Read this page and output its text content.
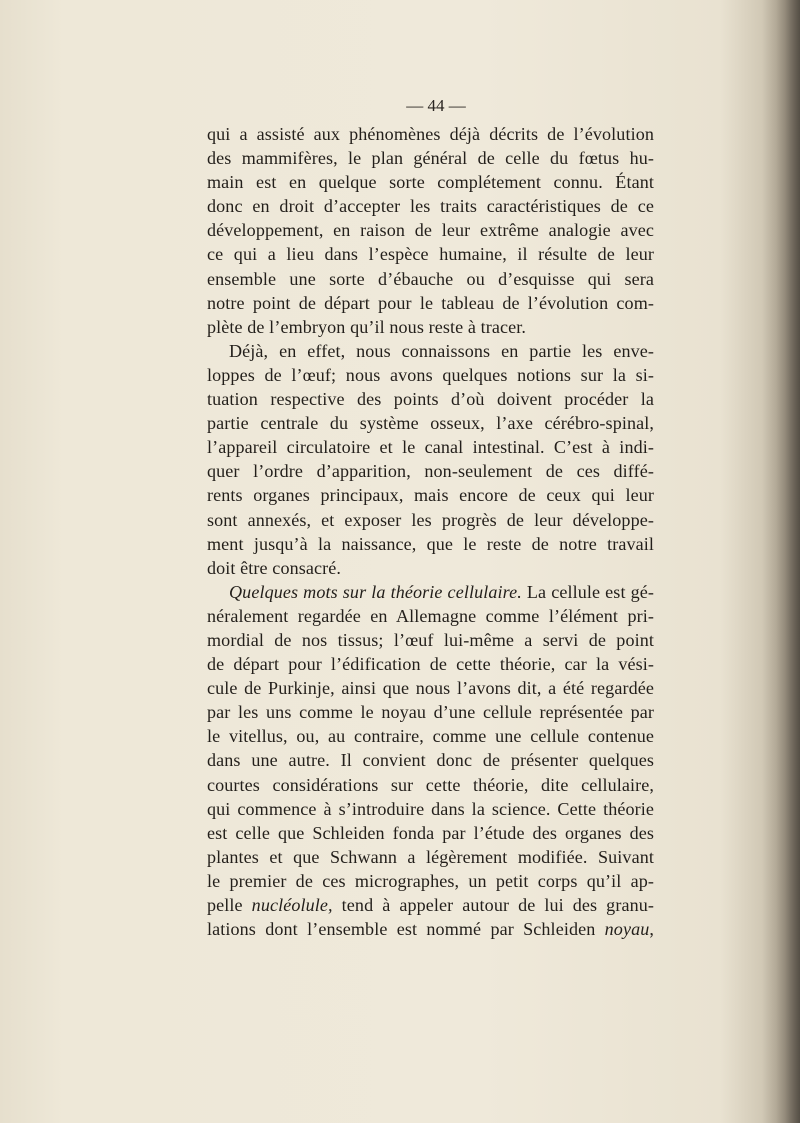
— 44 —
qui a assisté aux phénomènes déjà décrits de l’évolution
des mammifères, le plan général de celle du fœtus hu-
main est en quelque sorte complétement connu. Étant
donc en droit d’accepter les traits caractéristiques de ce
développement, en raison de leur extrême analogie avec
ce qui a lieu dans l’espèce humaine, il résulte de leur
ensemble une sorte d’ébauche ou d’esquisse qui sera
notre point de départ pour le tableau de l’évolution com-
plète de l’embryon qu’il nous reste à tracer.
Déjà, en effet, nous connaissons en partie les enve-
loppes de l’œuf; nous avons quelques notions sur la si-
tuation respective des points d’où doivent procéder la
partie centrale du système osseux, l’axe cérébro-spinal,
l’appareil circulatoire et le canal intestinal. C’est à indi-
quer l’ordre d’apparition, non-seulement de ces diffé-
rents organes principaux, mais encore de ceux qui leur
sont annexés, et exposer les progrès de leur développe-
ment jusqu’à la naissance, que le reste de notre travail
doit être consacré.
Quelques mots sur la théorie cellulaire. La cellule est gé-
néralement regardée en Allemagne comme l’élément pri-
mordial de nos tissus; l’œuf lui-même a servi de point
de départ pour l’édification de cette théorie, car la vési-
cule de Purkinje, ainsi que nous l’avons dit, a été regardée
par les uns comme le noyau d’une cellule représentée par
le vitellus, ou, au contraire, comme une cellule contenue
dans une autre. Il convient donc de présenter quelques
courtes considérations sur cette théorie, dite cellulaire,
qui commence à s’introduire dans la science. Cette théorie
est celle que Schleiden fonda par l’étude des organes des
plantes et que Schwann a légèrement modifiée. Suivant
le premier de ces micrographes, un petit corps qu’il ap-
pelle nucléolule, tend à appeler autour de lui des granu-
lations dont l’ensemble est nommé par Schleiden noyau,
